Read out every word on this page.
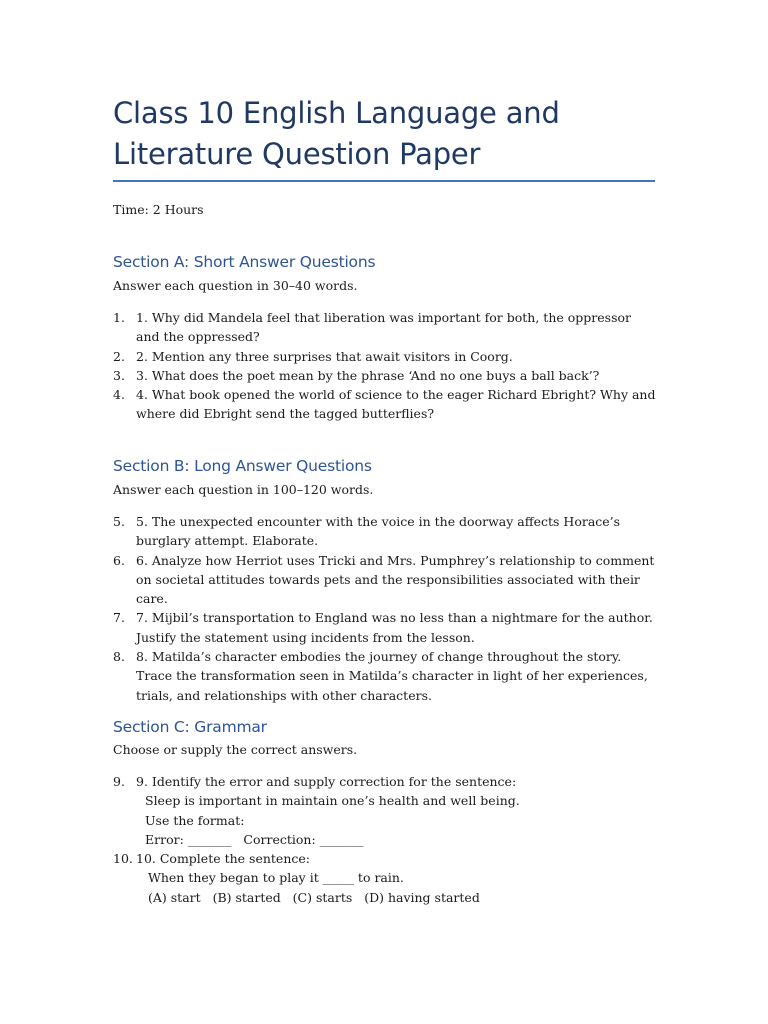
Class 10 English Language and Literature Question Paper
Time: 2 Hours
Section A: Short Answer Questions
Answer each question in 30–40 words.
1. 1. Why did Mandela feel that liberation was important for both, the oppressor and the oppressed?
2. 2. Mention any three surprises that await visitors in Coorg.
3. 3. What does the poet mean by the phrase ‘And no one buys a ball back’?
4. 4. What book opened the world of science to the eager Richard Ebright? Why and where did Ebright send the tagged butterflies?
Section B: Long Answer Questions
Answer each question in 100–120 words.
5. 5. The unexpected encounter with the voice in the doorway affects Horace’s burglary attempt. Elaborate.
6. 6. Analyze how Herriot uses Tricki and Mrs. Pumphrey’s relationship to comment on societal attitudes towards pets and the responsibilities associated with their care.
7. 7. Mijbil’s transportation to England was no less than a nightmare for the author. Justify the statement using incidents from the lesson.
8. 8. Matilda’s character embodies the journey of change throughout the story. Trace the transformation seen in Matilda’s character in light of her experiences, trials, and relationships with other characters.
Section C: Grammar
Choose or supply the correct answers.
9. 9. Identify the error and supply correction for the sentence:
Sleep is important in maintain one’s health and well being.
Use the format:
Error: _______   Correction: _______
10. 10. Complete the sentence:
When they began to play it _____ to rain.
(A) start   (B) started   (C) starts   (D) having started
